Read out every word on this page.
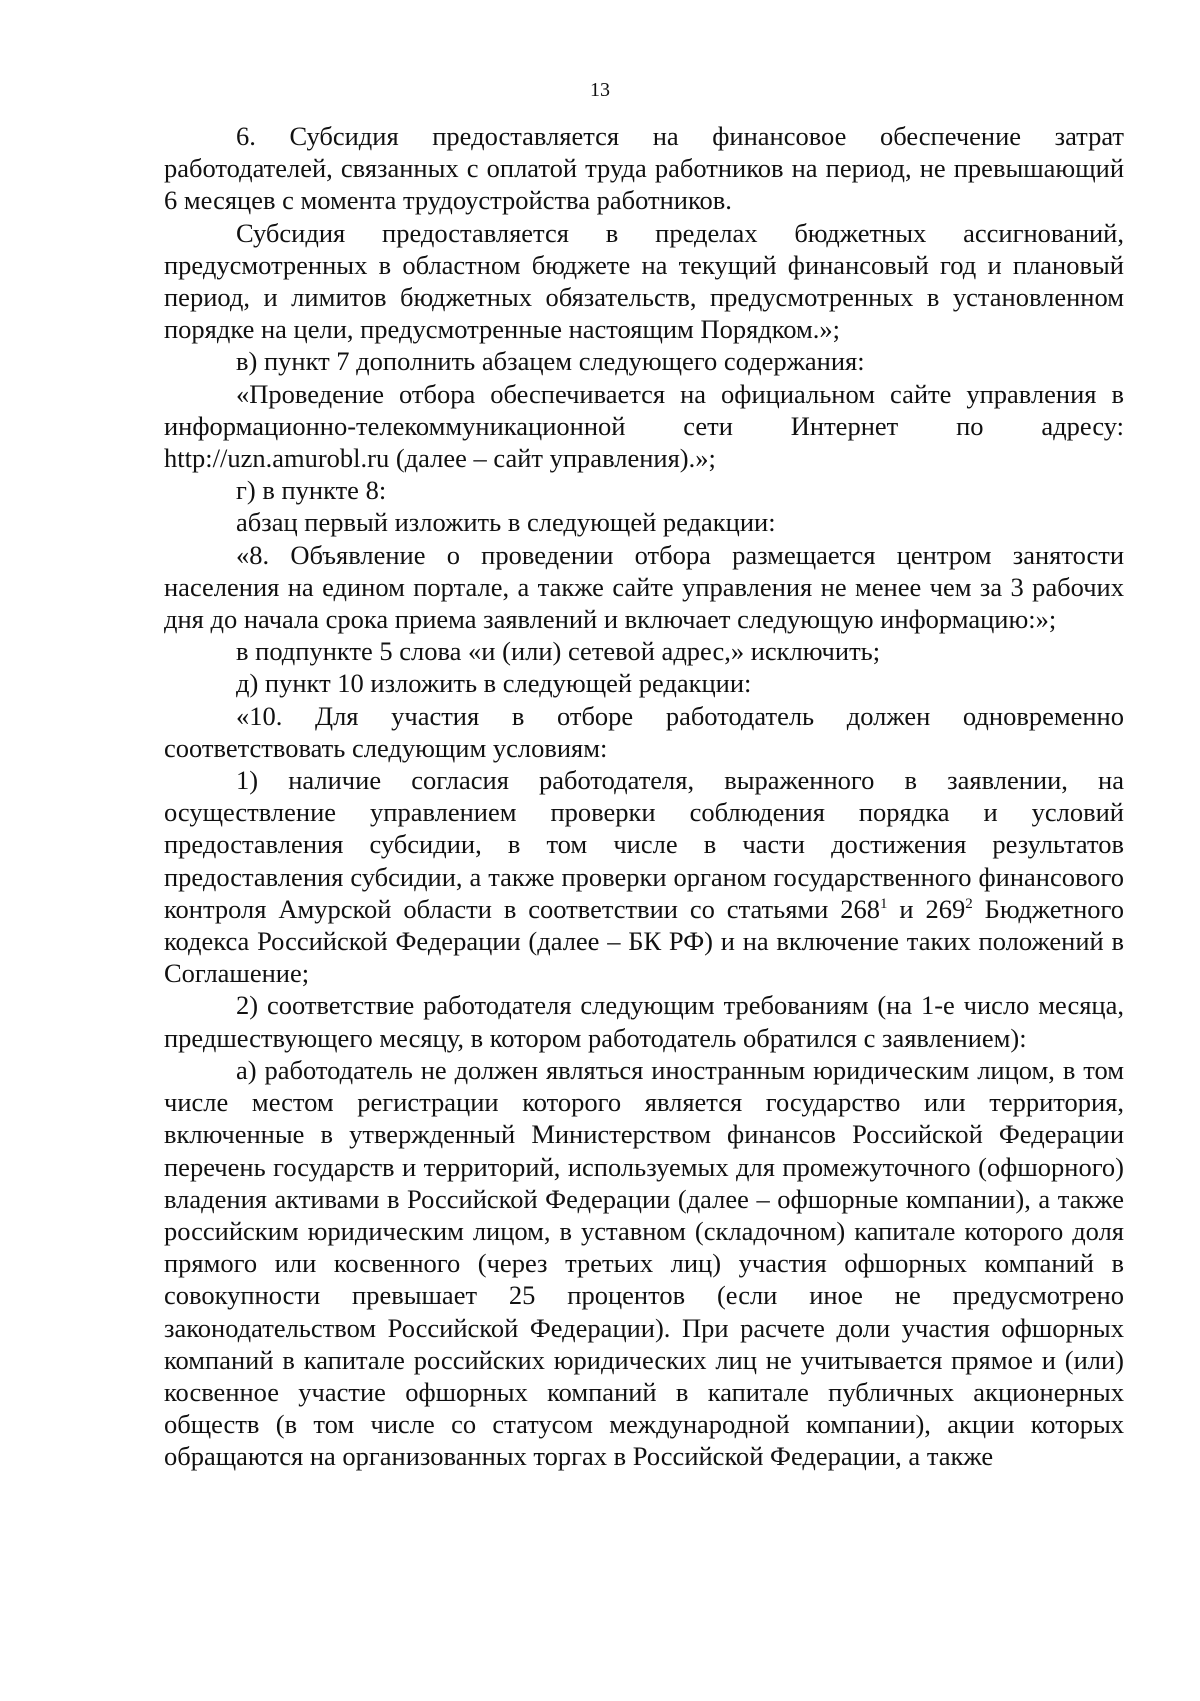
13

6. Субсидия предоставляется на финансовое обеспечение затрат работодателей, связанных с оплатой труда работников на период, не превышающий 6 месяцев с момента трудоустройства работников.

Субсидия предоставляется в пределах бюджетных ассигнований, предусмотренных в областном бюджете на текущий финансовый год и плановый период, и лимитов бюджетных обязательств, предусмотренных в установленном порядке на цели, предусмотренные настоящим Порядком.»;

в) пункт 7 дополнить абзацем следующего содержания:

«Проведение отбора обеспечивается на официальном сайте управления в информационно-телекоммуникационной сети Интернет по адресу: http://uzn.amurobl.ru (далее – сайт управления).»;

г) в пункте 8:

абзац первый изложить в следующей редакции:

«8. Объявление о проведении отбора размещается центром занятости населения на едином портале, а также сайте управления не менее чем за 3 рабочих дня до начала срока приема заявлений и включает следующую информацию:»;

в подпункте 5 слова «и (или) сетевой адрес,» исключить;

д) пункт 10 изложить в следующей редакции:

«10. Для участия в отборе работодатель должен одновременно соответствовать следующим условиям:

1) наличие согласия работодателя, выраженного в заявлении, на осуществление управлением проверки соблюдения порядка и условий предоставления субсидии, в том числе в части достижения результатов предоставления субсидии, а также проверки органом государственного финансового контроля Амурской области в соответствии со статьями $268^1$ и $269^2$ Бюджетного кодекса Российской Федерации (далее – БК РФ) и на включение таких положений в Соглашение;

2) соответствие работодателя следующим требованиям (на 1-е число месяца, предшествующего месяцу, в котором работодатель обратился с заявлением):

а) работодатель не должен являться иностранным юридическим лицом, в том числе местом регистрации которого является государство или территория, включенные в утвержденный Министерством финансов Российской Федерации перечень государств и территорий, используемых для промежуточного (офшорного) владения активами в Российской Федерации (далее – офшорные компании), а также российским юридическим лицом, в уставном (складочном) капитале которого доля прямого или косвенного (через третьих лиц) участия офшорных компаний в совокупности превышает 25 процентов (если иное не предусмотрено законодательством Российской Федерации). При расчете доли участия офшорных компаний в капитале российских юридических лиц не учитывается прямое и (или) косвенное участие офшорных компаний в капитале публичных акционерных обществ (в том числе со статусом международной компании), акции которых обращаются на организованных торгах в Российской Федерации, а также
